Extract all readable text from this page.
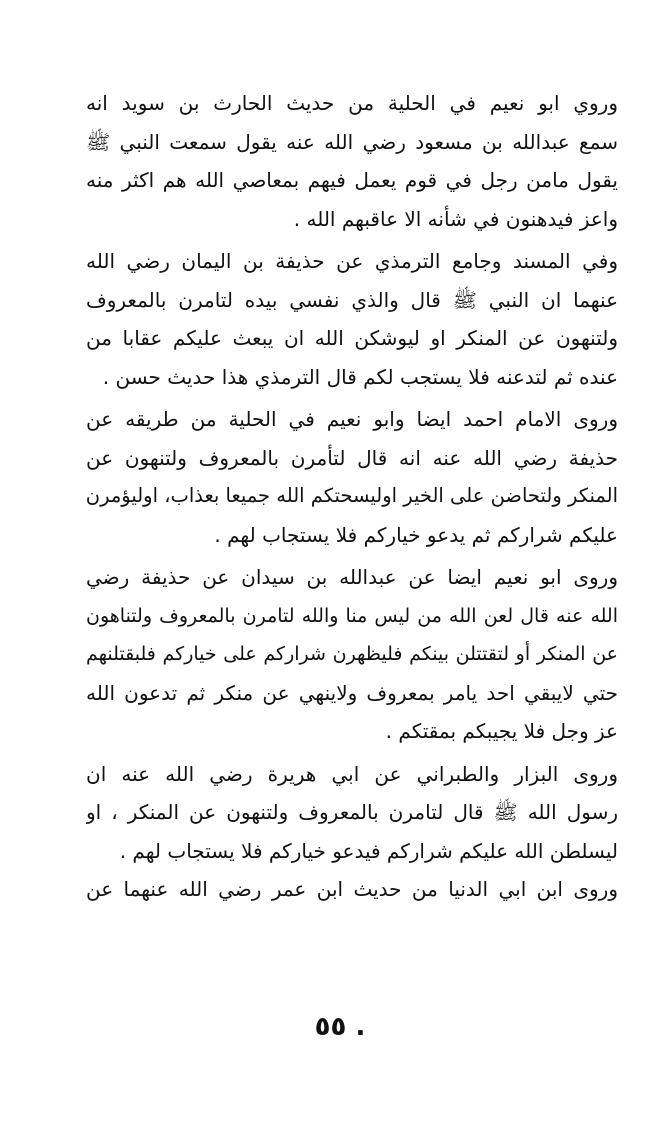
وروي ابو نعيم في الحلية من حديث الحارث بن سويد انه
سمع عبدالله بن مسعود رضي الله عنه يقول سمعت النبي ﷺ
يقول مامن رجل في قوم يعمل فيهم بمعاصي الله هم اكثر منه
واعز فيدهنون في شأنه الا عاقبهم الله .
وفي المسند وجامع الترمذي عن حذيفة بن اليمان رضي الله
عنهما ان النبي ﷺ قال والذي نفسي بيده لتامرن بالمعروف
ولتنهون عن المنكر او ليوشكن الله ان يبعث عليكم عقابا من
عنده ثم لتدعنه فلا يستجب لكم قال الترمذي هذا حديث حسن .
وروى الامام احمد ايضا وابو نعيم في الحلية من طريقه عن
حذيفة رضي الله عنه انه قال لتأمرن بالمعروف ولتنهون عن
المنكر ولتحاضن على الخير اوليسحتكم الله جميعا بعذاب، اوليؤمرن
عليكم شراركم ثم يدعو خياركم فلا يستجاب لهم .
وروى ابو نعيم ايضا عن عبدالله بن سيدان عن حذيفة رضي
الله عنه قال لعن الله من ليس منا والله لتامرن بالمعروف ولتناهون
عن المنكر أو لتقتتلن بينكم فليظهرن شراركم على خياركم فلبقتلنهم
حتي لايبقي احد يامر بمعروف ولاينهي عن منكر ثم تدعون الله
عز وجل فلا يجيبكم بمقتكم .
وروى البزار والطبراني عن ابي هريرة رضي الله عنه ان
رسول الله ﷺ قال لتامرن بالمعروف ولتنهون عن المنكر ، او
ليسلطن الله عليكم شراركم فيدعو خياركم فلا يستجاب لهم .
وروى ابن ابي الدنيا من حديث ابن عمر رضي الله عنهما عن
٥٥ .
